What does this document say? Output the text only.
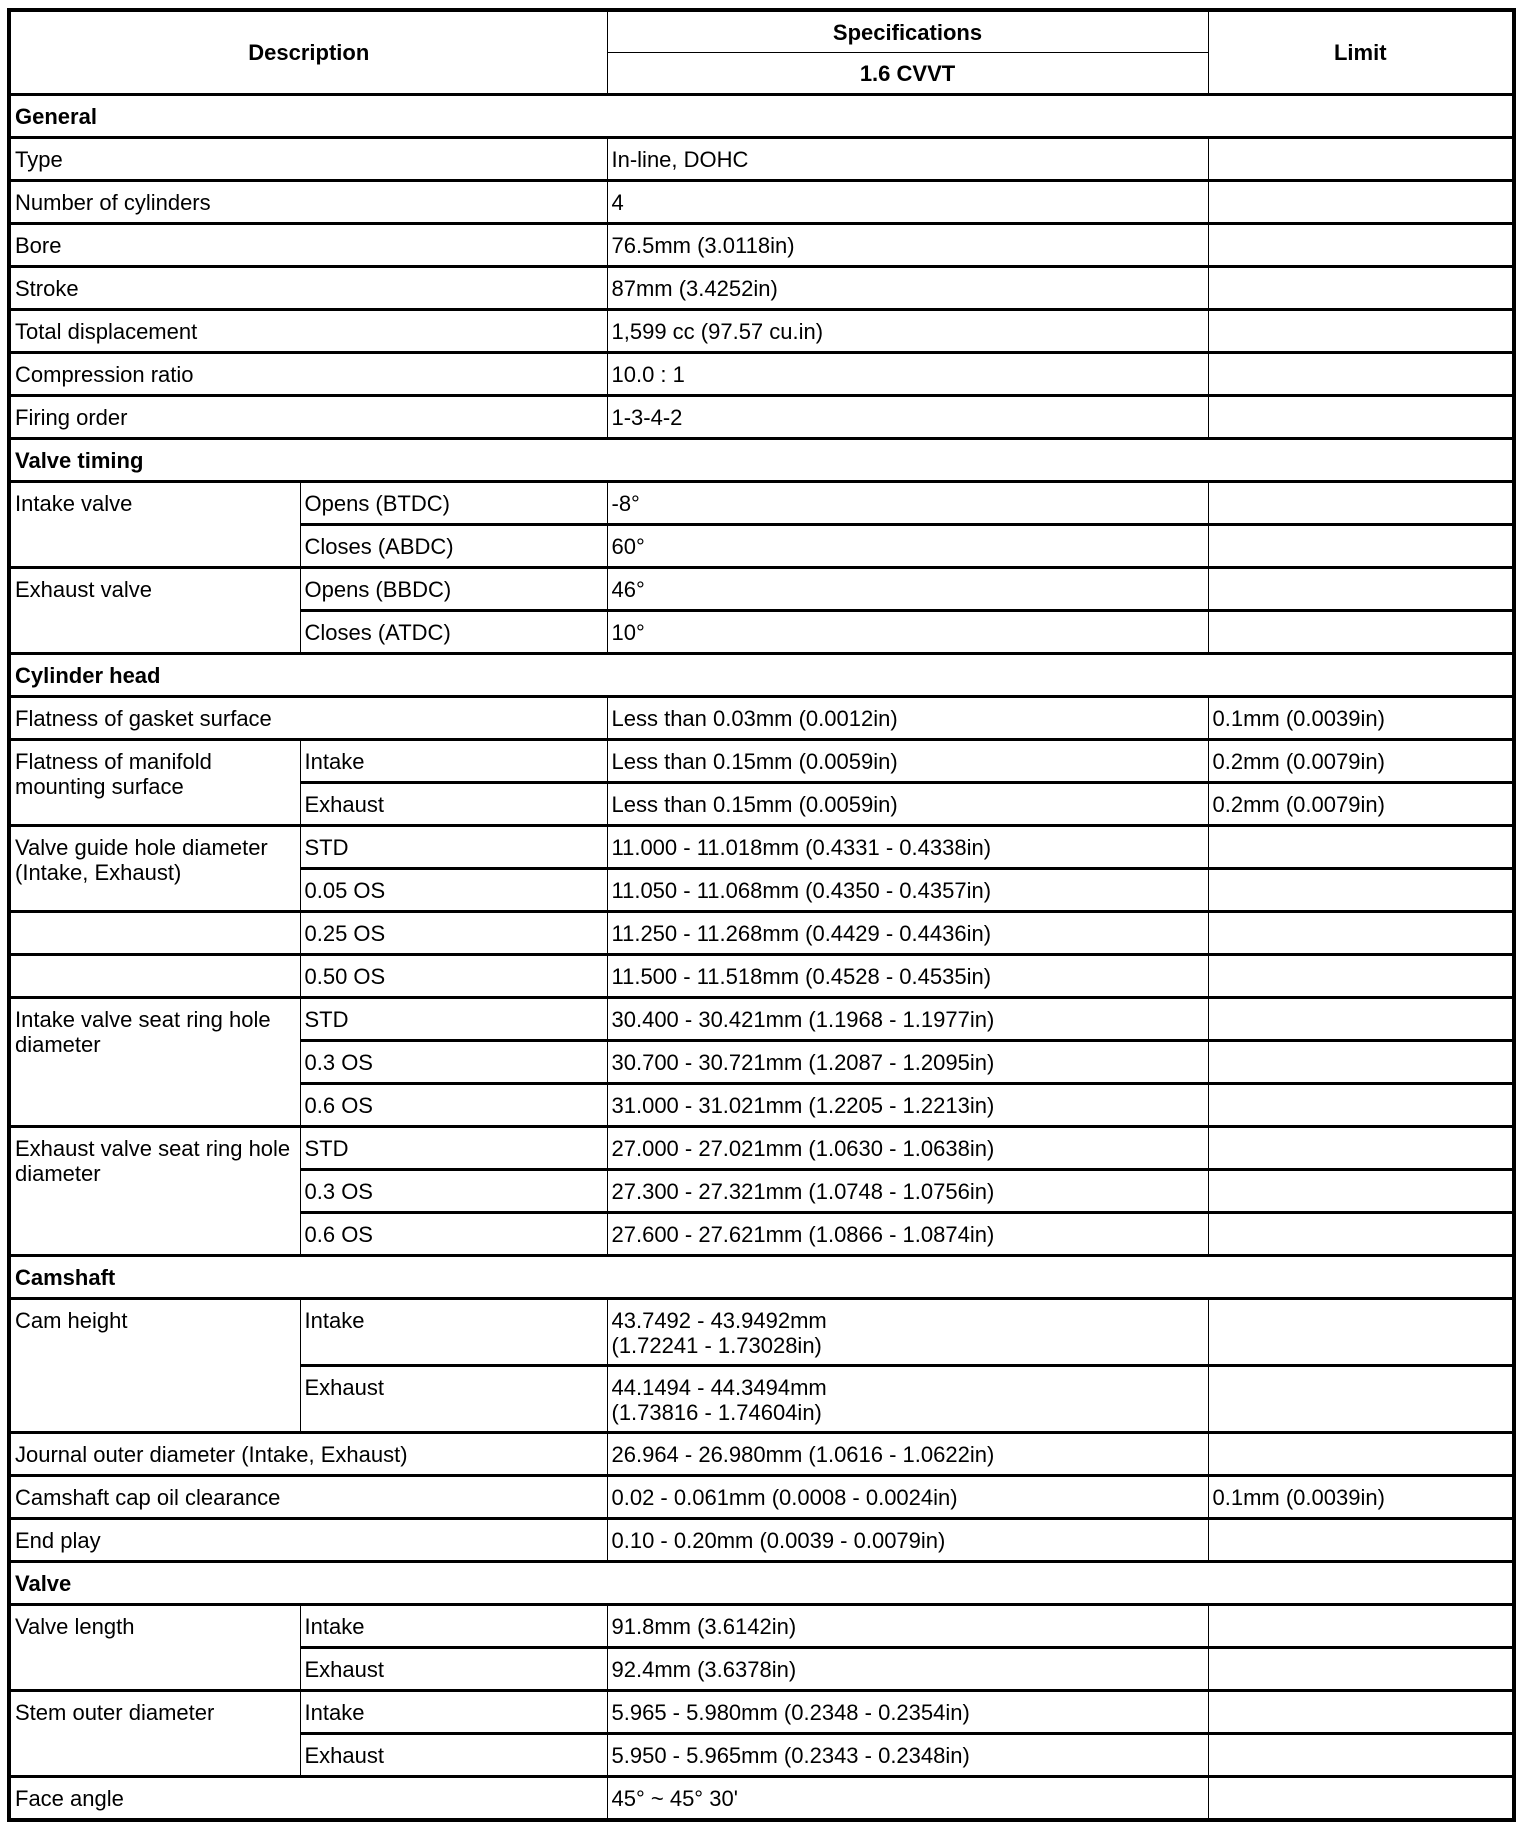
Description		Specifications	Limit
		1.6 CVVT	
General			
Type		In-line, DOHC	
Number of cylinders		4	
Bore		76.5mm (3.0118in)	
Stroke		87mm (3.4252in)	
Total displacement		1,599 cc (97.57 cu.in)	
Compression ratio		10.0 : 1	
Firing order		1-3-4-2	
Valve timing			
Intake valve	Opens (BTDC)	-8°	
	Closes (ABDC)	60°	
Exhaust valve	Opens (BBDC)	46°	
	Closes (ATDC)	10°	
Cylinder head			
Flatness of gasket surface		Less than 0.03mm (0.0012in)	0.1mm (0.0039in)
Flatness of manifold mounting surface	Intake	Less than 0.15mm (0.0059in)	0.2mm (0.0079in)
	Exhaust	Less than 0.15mm (0.0059in)	0.2mm (0.0079in)
Valve guide hole diameter (Intake, Exhaust)	STD	11.000 - 11.018mm (0.4331 - 0.4338in)	
	0.05 OS	11.050 - 11.068mm (0.4350 - 0.4357in)	
	0.25 OS	11.250 - 11.268mm (0.4429 - 0.4436in)	
	0.50 OS	11.500 - 11.518mm (0.4528 - 0.4535in)	
Intake valve seat ring hole diameter	STD	30.400 - 30.421mm (1.1968 - 1.1977in)	
	0.3 OS	30.700 - 30.721mm (1.2087 - 1.2095in)	
	0.6 OS	31.000 - 31.021mm (1.2205 - 1.2213in)	
Exhaust valve seat ring hole diameter	STD	27.000 - 27.021mm (1.0630 - 1.0638in)	
	0.3 OS	27.300 - 27.321mm (1.0748 - 1.0756in)	
	0.6 OS	27.600 - 27.621mm (1.0866 - 1.0874in)	
Camshaft			
Cam height	Intake	43.7492 - 43.9492mm
(1.72241 - 1.73028in)	
	Exhaust	44.1494 - 44.3494mm
(1.73816 - 1.74604in)	
Journal outer diameter (Intake, Exhaust)		26.964 - 26.980mm (1.0616 - 1.0622in)	
Camshaft cap oil clearance		0.02 - 0.061mm (0.0008 - 0.0024in)	0.1mm (0.0039in)
End play		0.10 - 0.20mm (0.0039 - 0.0079in)	
Valve			
Valve length	Intake	91.8mm (3.6142in)	
	Exhaust	92.4mm (3.6378in)	
Stem outer diameter	Intake	5.965 - 5.980mm (0.2348 - 0.2354in)	
	Exhaust	5.950 - 5.965mm (0.2343 - 0.2348in)	
Face angle		45° ~ 45° 30'	
